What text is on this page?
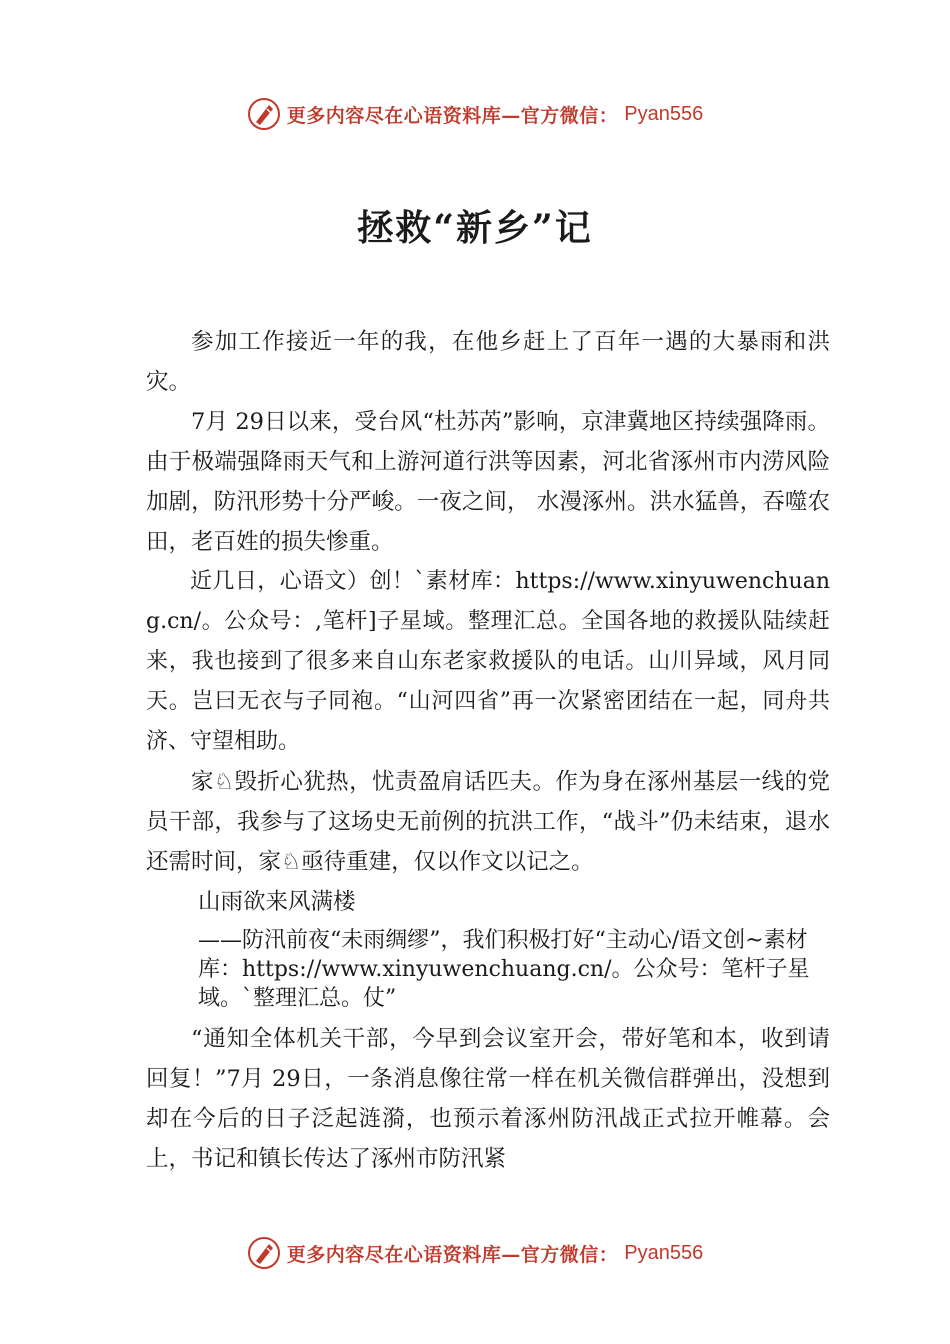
更多内容尽在心语资料库—官方微信： Pyan556
拯救“新乡”记

参加工作接近一年的我，在他乡赶上了百年一遇的大暴雨和洪灾。

7月 29日以来，受台风“杜苏芮”影响，京津冀地区持续强降雨。由于极端强降雨天气和上游河道行洪等因素，河北省涿州市内涝风险加剧，防汛形势十分严峻。一夜之间， 水漫涿州。洪水猛兽，吞噬农田，老百姓的损失惨重。

近几日，心语文）创！`素材库：https://www.xinyuwenchuang.cn/。公众号：,笔杆]子星域。整理汇总。全国各地的救援队陆续赶来，我也接到了很多来自山东老家救援队的电话。山川异域，风月同天。岂曰无衣与子同袍。“山河四省”再一次紧密团结在一起，同舟共济、守望相助。

家♘毁折心犹热，忧责盈肩话匹夫。作为身在涿州基层一线的党员干部，我参与了这场史无前例的抗洪工作，“战斗”仍未结束，退水还需时间，家♘亟待重建，仅以作文以记之。

山雨欲来风满楼

——防汛前夜“未雨绸缪”，我们积极打好“主动心/语文创~素材库：https://www.xinyuwenchuang.cn/。公众号：笔杆子星域。`整理汇总。仗”

“通知全体机关干部，今早到会议室开会，带好笔和本，收到请回复！”7月 29日，一条消息像往常一样在机关微信群弹出，没想到却在今后的日子泛起涟漪，也预示着涿州防汛战正式拉开帷幕。会上，书记和镇长传达了涿州市防汛紧

更多内容尽在心语资料库—官方微信： Pyan556
